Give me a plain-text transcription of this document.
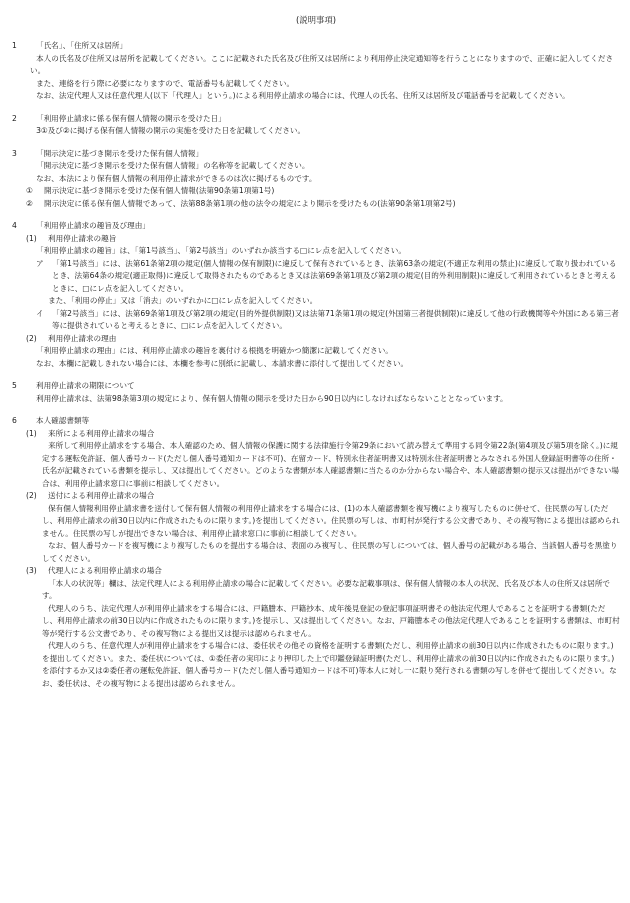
(説明事項)
1	「氏名」、「住所又は居所」

本人の氏名及び住所又は居所を記載してください。ここに記載された氏名及び住所又は居所により利用停止決定通知等を行うことになりますので、正確に記入してください。

また、連絡を行う際に必要になりますので、電話番号も記載してください。

なお、法定代理人又は任意代理人(以下「代理人」という。)による利用停止請求の場合には、代理人の氏名、住所又は居所及び電話番号を記載してください。

2	「利用停止請求に係る保有個人情報の開示を受けた日」

3①及び②に掲げる保有個人情報の開示の実施を受けた日を記載してください。

3	「開示決定に基づき開示を受けた保有個人情報」

「開示決定に基づき開示を受けた保有個人情報」の名称等を記載してください。

なお、本法により保有個人情報の利用停止請求ができるのは次に掲げるものです。

①	開示決定に基づき開示を受けた保有個人情報(法第90条第1項第1号)
②	開示決定に係る保有個人情報であって、法第88条第1項の他の法令の規定により開示を受けたもの(法第90条第1項第2号)
4	「利用停止請求の趣旨及び理由」
(1)	利用停止請求の趣旨

「利用停止請求の趣旨」は、「第1号該当」、「第2号該当」のいずれか該当する□にレ点を記入してください。

ア	「第1号該当」には、法第61条第2項の規定(個人情報の保有制限)に違反して保有されているとき、法第63条の規定(不適正な利用の禁止)に違反して取り扱われているとき、法第64条の規定(適正取得)に違反して取得されたものであるとき又は法第69条第1項及び第2項の規定(目的外利用制限)に違反して利用されているときと考えるときに、□にレ点を記入してください。

また、「利用の停止」又は「消去」のいずれかに□にレ点を記入してください。

イ	「第2号該当」には、法第69条第1項及び第2項の規定(目的外提供制限)又は法第71条第1項の規定(外国第三者提供制限)に違反して他の行政機関等や外国にある第三者等に提供されていると考えるときに、□にレ点を記入してください。
(2)	利用停止請求の理由

「利用停止請求の理由」には、利用停止請求の趣旨を裏付ける根拠を明確かつ簡潔に記載してください。

なお、本欄に記載しきれない場合には、本欄を参考に別紙に記載し、本請求書に添付して提出してください。

5	利用停止請求の期限について

利用停止請求は、法第98条第3項の規定により、保有個人情報の開示を受けた日から90日以内にしなければならないこととなっています。

6	本人確認書類等
(1)	来所による利用停止請求の場合

来所して利用停止請求をする場合、本人確認のため、個人情報の保護に関する法律施行令第29条において読み替えて準用する同令第22条(第4項及び第5項を除く。)に規定する運転免許証、個人番号カード(ただし個人番号通知カードは不可)、在留カード、特別永住者証明書又は特別永住者証明書とみなされる外国人登録証明書等の住所・氏名が記載されている書類を提示し、又は提出してください。どのような書類が本人確認書類に当たるのか分からない場合や、本人確認書類の提示又は提出ができない場合は、利用停止請求窓口に事前に相談してください。

(2)	送付による利用停止請求の場合

保有個人情報利用停止請求書を送付して保有個人情報の利用停止請求をする場合には、(1)の本人確認書類を複写機により複写したものに併せて、住民票の写し(ただし、利用停止請求の前30日以内に作成されたものに限ります。)を提出してください。住民票の写しは、市町村が発行する公文書であり、その複写物による提出は認められません。住民票の写しが提出できない場合は、利用停止請求窓口に事前に相談してください。

なお、個人番号カードを複写機により複写したものを提出する場合は、表面のみ複写し、住民票の写しについては、個人番号の記載がある場合、当該個人番号を黒塗りしてください。

(3)	代理人による利用停止請求の場合

「本人の状況等」欄は、法定代理人による利用停止請求の場合に記載してください。必要な記載事項は、保有個人情報の本人の状況、氏名及び本人の住所又は居所です。

代理人のうち、法定代理人が利用停止請求をする場合には、戸籍謄本、戸籍抄本、成年後見登記の登記事項証明書その他法定代理人であることを証明する書類(ただし、利用停止請求の前30日以内に作成されたものに限ります。)を提示し、又は提出してください。なお、戸籍謄本その他法定代理人であることを証明する書類は、市町村等が発行する公文書であり、その複写物による提出又は提示は認められません。

代理人のうち、任意代理人が利用停止請求をする場合には、委任状その他その資格を証明する書類(ただし、利用停止請求の前30日以内に作成されたものに限ります。)を提出してください。また、委任状については、①委任者の実印により押印した上で印鑑登録証明書(ただし、利用停止請求の前30日以内に作成されたものに限ります。)を添付するか又は②委任者の運転免許証、個人番号カード(ただし個人番号通知カードは不可)等本人に対し一に限り発行される書類の写しを併せて提出してください。なお、委任状は、その複写物による提出は認められません。
